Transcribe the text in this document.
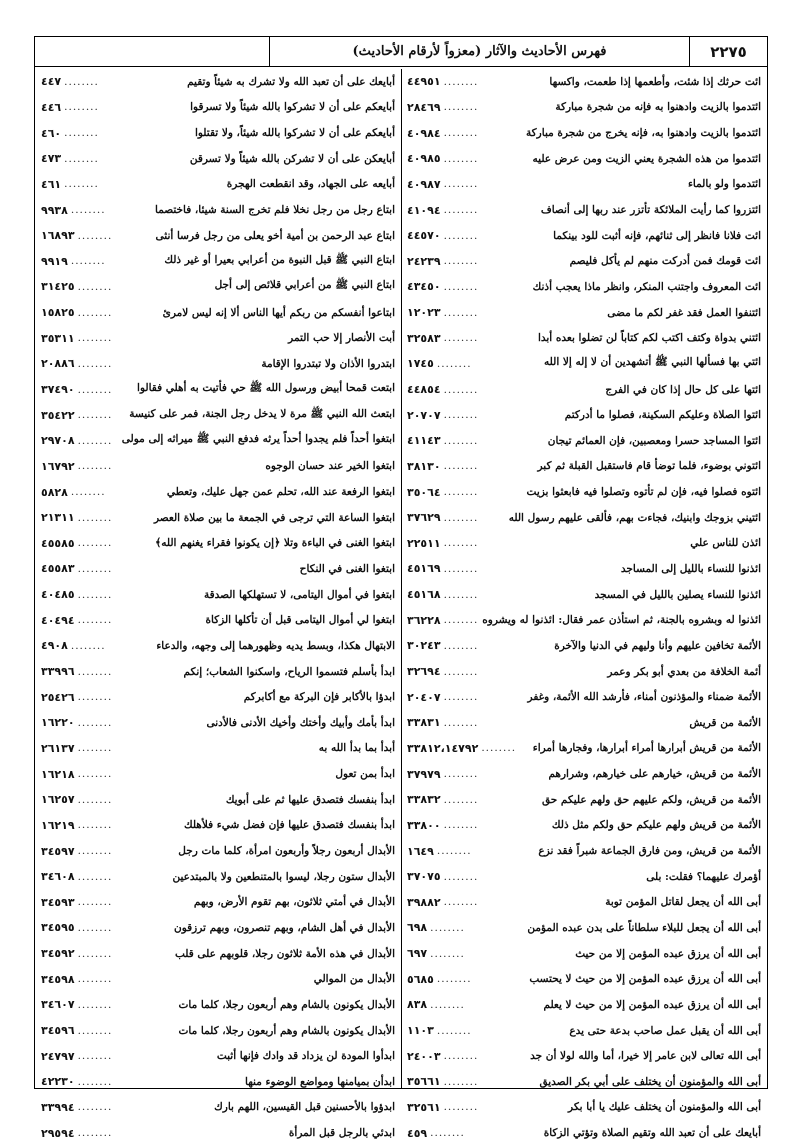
٢٢٧٥
فهرس الأحاديث والآثار (معزواً لأرقام الأحاديث)
٤٤٩٥١ ........	ائت حرثك إذا شئت، وأطعمها إذا طعمت، واكسها
٢٨٤٦٩ ........	ائتدموا بالزيت وادهنوا به فإنه من شجرة مباركة
٤٠٩٨٤ ........	ائتدموا بالزيت وادهنوا به، فإنه يخرج من شجرة مباركة
٤٠٩٨٥ ........	ائتدموا من هذه الشجرة يعني الزيت ومن عرض عليه
٤٠٩٨٧ ........	ائتدموا ولو بالماء
٤١٠٩٤ ........	ائتزروا كما رأيت الملائكة تأتزر عند ربها إلى أنصاف
٤٤٥٧٠ ........	ائت فلانا فانظر إلى ثنائهم، فإنه أثبت للود بينكما
٢٤٢٣٩ ........	ائت قومك فمن أدركت منهم لم يأكل فليصم
٤٣٤٥٠ ........	ائت المعروف واجتنب المنكر، وانظر ماذا يعجب أذنك
١٢٠٢٣ ........	ائتنفوا العمل فقد غفر لكم ما مضى
٣٢٥٨٣ ........	ائتني بدواة وكتف اكتب لكم كتاباً لن تضلوا بعده أبدا
١٧٤٥ ........	ائتي بها فسألها النبي ﷺ أتشهدين أن لا إله إلا الله
٤٤٨٥٤ ........	ائتها على كل حال إذا كان في الفرج
٢٠٧٠٧ ........	ائتوا الصلاة وعليكم السكينة، فصلوا ما أدركتم
٤١١٤٣ ........	ائتوا المساجد حسرا ومعصبين، فإن العمائم تيجان
٣٨١٣٠ ........	ائتوني بوضوء، فلما توضأ قام فاستقبل القبلة ثم كبر
٣٥٠٦٤ ........	ائتوه فصلوا فيه، فإن لم تأتوه وتصلوا فيه فابعثوا بزيت
٣٧٦٢٩ ........	ائتيني بزوجك وابنيك، فجاءت بهم، فألقى عليهم رسول الله
٢٢٥١١ ........	ائذن للناس علي
٤٥١٦٩ ........	ائذنوا للنساء بالليل إلى المساجد
٤٥١٦٨ ........	ائذنوا للنساء يصلين بالليل في المسجد
٣٦٢٢٨ ........ ائذنوا له وبشروه بالجنة، ثم استأذن عمر فقال: ائذنوا له ويشروه
٣٠٢٤٣ ........	الأئمة تخافين عليهم وأنا وليهم في الدنيا والآخرة
٣٢٦٩٤ ........	أئمة الخلافة من بعدي أبو بكر وعمر
٢٠٤٠٧ ........	الأئمة ضمناء والمؤذنون أمناء، فأرشد الله الأئمة، وغفر
٣٣٨٣١ ........	الأئمة من قريش
٣٣٨١٢،١٤٧٩٢ ........	الأئمة من قريش أبرارها أمراء أبرارها، وفجارها أمراء
٣٧٩٧٩ ........	الأئمة من قريش، خيارهم على خيارهم، وشرارهم
٣٣٨٣٢ ........	الأئمة من قريش، ولكم عليهم حق ولهم عليكم حق
٣٣٨٠٠ ........	الأئمة من قريش ولهم عليكم حق ولكم مثل ذلك
١٦٤٩ ........	الأئمة من قريش، ومن فارق الجماعة شبراً فقد نزع
٣٧٠٧٥ ........	أؤمرك عليهما؟ فقلت: بلى
٣٩٨٨٢ ........	أبى الله أن يجعل لقاتل المؤمن توبة
٦٩٨ ........	أبى الله أن يجعل للبلاء سلطاناً على بدن عبده المؤمن
٦٩٧ ........	أبى الله أن يرزق عبده المؤمن إلا من حيث
٥٦٨٥ ........	أبى الله أن يرزق عبده المؤمن إلا من حيث لا يحتسب
٨٣٨ ........	أبى الله أن يرزق عبده المؤمن إلا من حيث لا يعلم
١١٠٣ ........	أبى الله أن يقبل عمل صاحب بدعة حتى يدع
٢٤٠٠٣ ........	أبى الله تعالى لابن عامر إلا خيرا، أما والله لولا أن جد
٣٥٦٦١ ........	أبى الله والمؤمنون أن يختلف على أبي بكر الصديق
٣٢٥٦١ ........	أبى الله والمؤمنون أن يختلف عليك يا أبا بكر
٤٥٩ ........	أبايعك على أن تعبد الله وتقيم الصلاة وتؤتي الزكاة
٤٤٧ ........	أبايعك على أن تعبد الله ولا تشرك به شيئاً وتقيم
٤٤٦ ........	أبايعكم على أن لا تشركوا بالله شيئاً ولا تسرقوا
٤٦٠ ........	أبايعكم على أن لا تشركوا بالله شيئاً، ولا تقتلوا
٤٧٣ ........	أبايعكن على أن لا تشركن بالله شيئاً ولا تسرقن
٤٦١ ........	أبايعه على الجهاد، وقد انقطعت الهجرة
٩٩٣٨ ........	ابتاع رجل من رجل نخلا فلم تخرج السنة شيئا، فاختصما
١٦٨٩٣ ........	ابتاع عبد الرحمن بن أمية أخو يعلى من رجل فرسا أنثى
٩٩١٩ ........	ابتاع النبي ﷺ قبل النبوة من أعرابي بعيرا أو غير ذلك
٣١٤٢٥ ........	ابتاع النبي ﷺ من أعرابي قلائص إلى أجل
١٥٨٢٥ ........	ابتاعوا أنفسكم من ربكم أيها الناس ألا إنه ليس لامرئ
٣٥٣١١ ........	أبت الأنصار إلا حب التمر
٢٠٨٨٦ ........	ابتدروا الأذان ولا تبتدروا الإقامة
٣٧٤٩٠ ........	ابتعت قمحا أبيض ورسول الله ﷺ حي فأتيت به أهلي فقالوا
٣٥٤٢٢ ........	ابتعث الله النبي ﷺ مرة لا يدخل رجل الجنة، فمر على كنيسة
٢٩٧٠٨ ........ ابتغوا أحداً فلم يجدوا أحداً يرثه فدفع النبي ﷺ ميراثه إلى مولى
١٦٧٩٢ ........	ابتغوا الخير عند حسان الوجوه
٥٨٢٨ ........	ابتغوا الرفعة عند الله، تحلم عمن جهل عليك، وتعطي
٢١٣١١ ........	ابتغوا الساعة التي ترجى في الجمعة ما بين صلاة العصر
٤٥٥٨٥ ........	ابتغوا الغنى في الباءة وتلا ﴿إن يكونوا فقراء يغنهم الله﴾
٤٥٥٨٣ ........	ابتغوا الغنى في النكاح
٤٠٤٨٥ ........	ابتغوا في أموال اليتامى، لا تستهلكها الصدقة
٤٠٤٩٤ ........	ابتغوا لي أموال اليتامى قبل أن تأكلها الزكاة
٤٩٠٨ ........	الابتهال هكذا، وبسط يديه وظهورهما إلى وجهه، والدعاء
٣٣٩٩٦ ........	ابدأ بأسلم فتسموا الرياح، واسكنوا الشعاب؛ إنكم
٢٥٤٢٦ ........	ابدؤا بالأكابر فإن البركة مع أكابركم
١٦٢٢٠ ........	ابدأ بأمك وأبيك وأختك وأخيك الأدنى فالأدنى
٢٦١٣٧ ........	أبدأ بما بدأ الله به
١٦٢١٨ ........	ابدأ بمن تعول
١٦٢٥٧ ........	ابدأ بنفسك فتصدق عليها ثم على أبويك
١٦٢١٩ ........	ابدأ بنفسك فتصدق عليها فإن فضل شيء فلأهلك
٣٤٥٩٧ ........	الأبدال أربعون رجلاً وأربعون امرأة، كلما مات رجل
٣٤٦٠٨ ........	الأبدال ستون رجلا، ليسوا بالمتنطعين ولا بالمبتدعين
٣٤٥٩٣ ........	الأبدال في أمتي ثلاثون، بهم تقوم الأرض، وبهم
٣٤٥٩٥ ........	الأبدال في أهل الشام، وبهم تنصرون، وبهم ترزقون
٣٤٥٩٢ ........	الأبدال في هذه الأمة ثلاثون رجلا، قلوبهم على قلب
٣٤٥٩٨ ........	الأبدال من الموالي
٣٤٦٠٧ ........	الأبدال يكونون بالشام وهم أربعون رجلا، كلما مات
٣٤٥٩٦ ........	الأبدال يكونون بالشام وهم أربعون رجلا، كلما مات
٢٤٧٩٧ ........	ابدأوا المودة لن يزداد قد وادك فإنها أثبت
٤٢٢٣٠ ........	ابدأن بميامنها ومواضع الوضوء منها
٣٣٩٩٤ ........	ابدؤوا بالأحسنين قبل القيسين، اللهم بارك
٢٩٥٩٤ ........	ابدئي بالرجل قبل المرأة
